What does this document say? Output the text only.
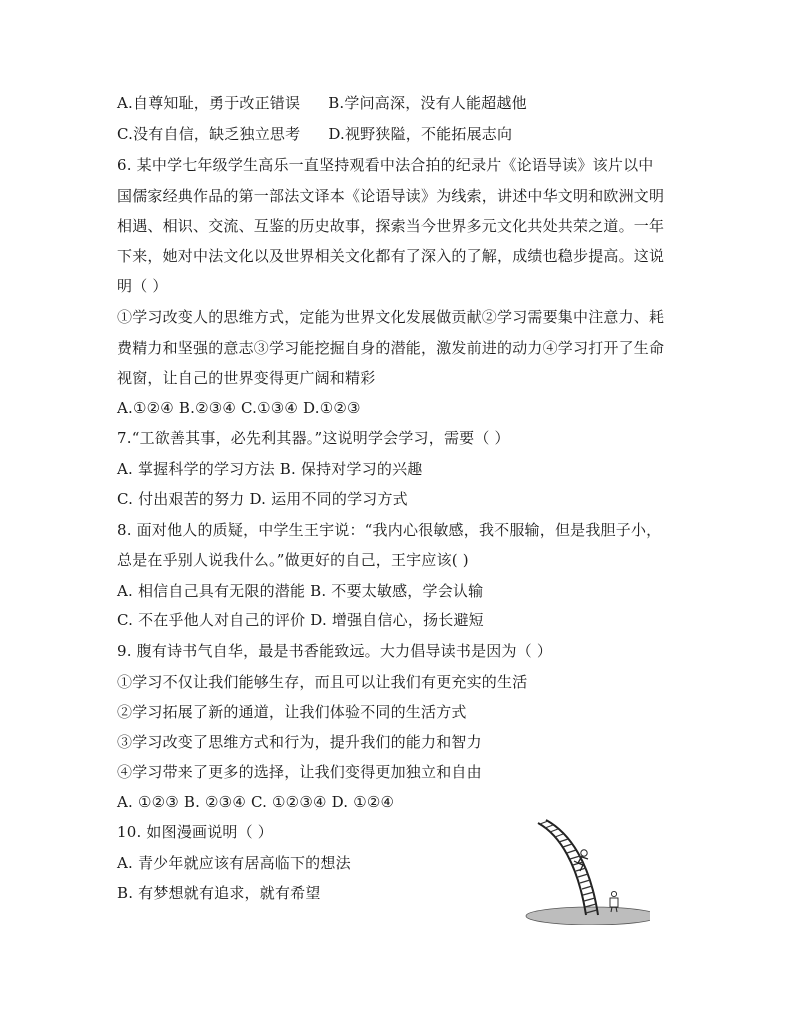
A.自尊知耻，勇于改正错误 B.学问高深，没有人能超越他
C.没有自信，缺乏独立思考 D.视野狭隘，不能拓展志向
6. 某中学七年级学生高乐一直坚持观看中法合拍的纪录片《论语导读》该片以中
国儒家经典作品的第一部法文译本《论语导读》为线索，讲述中华文明和欧洲文明
相遇、相识、交流、互鉴的历史故事，探索当今世界多元文化共处共荣之道。一年
下来，她对中法文化以及世界相关文化都有了深入的了解，成绩也稳步提高。这说
明（ ）
①学习改变人的思维方式，定能为世界文化发展做贡献②学习需要集中注意力、耗
费精力和坚强的意志③学习能挖掘自身的潜能，激发前进的动力④学习打开了生命
视窗，让自己的世界变得更广阔和精彩
A.①②④ B.②③④ C.①③④ D.①②③
7.“工欲善其事，必先利其器。”这说明学会学习，需要（ ）
A. 掌握科学的学习方法 B. 保持对学习的兴趣
C. 付出艰苦的努力 D. 运用不同的学习方式
8. 面对他人的质疑，中学生王宇说：“我内心很敏感，我不服输，但是我胆子小，
总是在乎别人说我什么。”做更好的自己，王宇应该( )
A. 相信自己具有无限的潜能 B. 不要太敏感，学会认输
C. 不在乎他人对自己的评价 D. 增强自信心，扬长避短
9. 腹有诗书气自华，最是书香能致远。大力倡导读书是因为（ ）
①学习不仅让我们能够生存，而且可以让我们有更充实的生活
②学习拓展了新的通道，让我们体验不同的生活方式
③学习改变了思维方式和行为，提升我们的能力和智力
④学习带来了更多的选择，让我们变得更加独立和自由
A. ①②③ B. ②③④ C. ①②③④ D. ①②④
10. 如图漫画说明（ ）
A. 青少年就应该有居高临下的想法
B. 有梦想就有追求，就有希望
